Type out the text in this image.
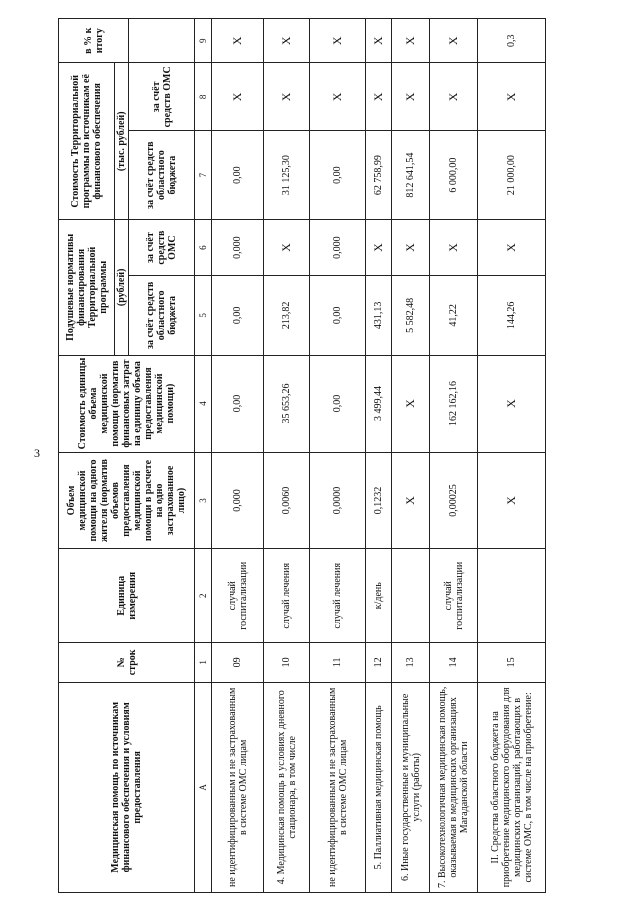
3
Медицинская помощь по источникам финансового обеспечения и условиям предоставления	№ строк	Единица измерения	Объем медицинской помощи на одного жителя (норматив объемов предоставления медицинской помощи в расчете на одно застрахованное лицо)	Стоимость единицы объема медицинской помощи (норматив финансовых затрат на единицу объема предоставления медицинской помощи)	Подушевые нормативы финансирования Территориальной программы		Стоимость Территориальной программы по источникам её финансового обеспечения		в % к итогу
					(рублей)		(тыс. рублей)		
					за счёт средств областного бюджета	за счёт средств ОМС	за счёт средств областного бюджета	за счёт средств ОМС	
А	1	2	3	4	5	6	7	8	9
не идентифицированным и не застрахованным в системе ОМС лицам	09	случай госпитализации	0,000	0,00	0,00	0,000	0,00	Х	Х
4. Медицинская помощь в условиях дневного стационара, в том числе	10	случай лечения	0,0060	35 653,26	213,82	Х	31 125,30	Х	Х
не идентифицированным и не застрахованным в системе ОМС лицам	11	случай лечения	0,0000	0,00	0,00	0,000	0,00	Х	Х
5. Паллиативная медицинская помощь	12	к/день	0,1232	3 499,44	431,13	Х	62 758,99	Х	Х
6. Иные государственные и муниципальные услуги (работы)	13		Х	Х	5 582,48	Х	812 641,54	Х	Х
7. Высокотехнологичная медицинская помощь, оказываемая в медицинских организациях Магаданской области	14	случай госпитализации	0,00025	162 162,16	41,22	Х	6 000,00	Х	Х
II. Средства областного бюджета на приобретение медицинского оборудования для медицинских организаций, работающих в системе ОМС, в том числе на приобретение:	15		Х	Х	144,26	Х	21 000,00	Х	0,3
